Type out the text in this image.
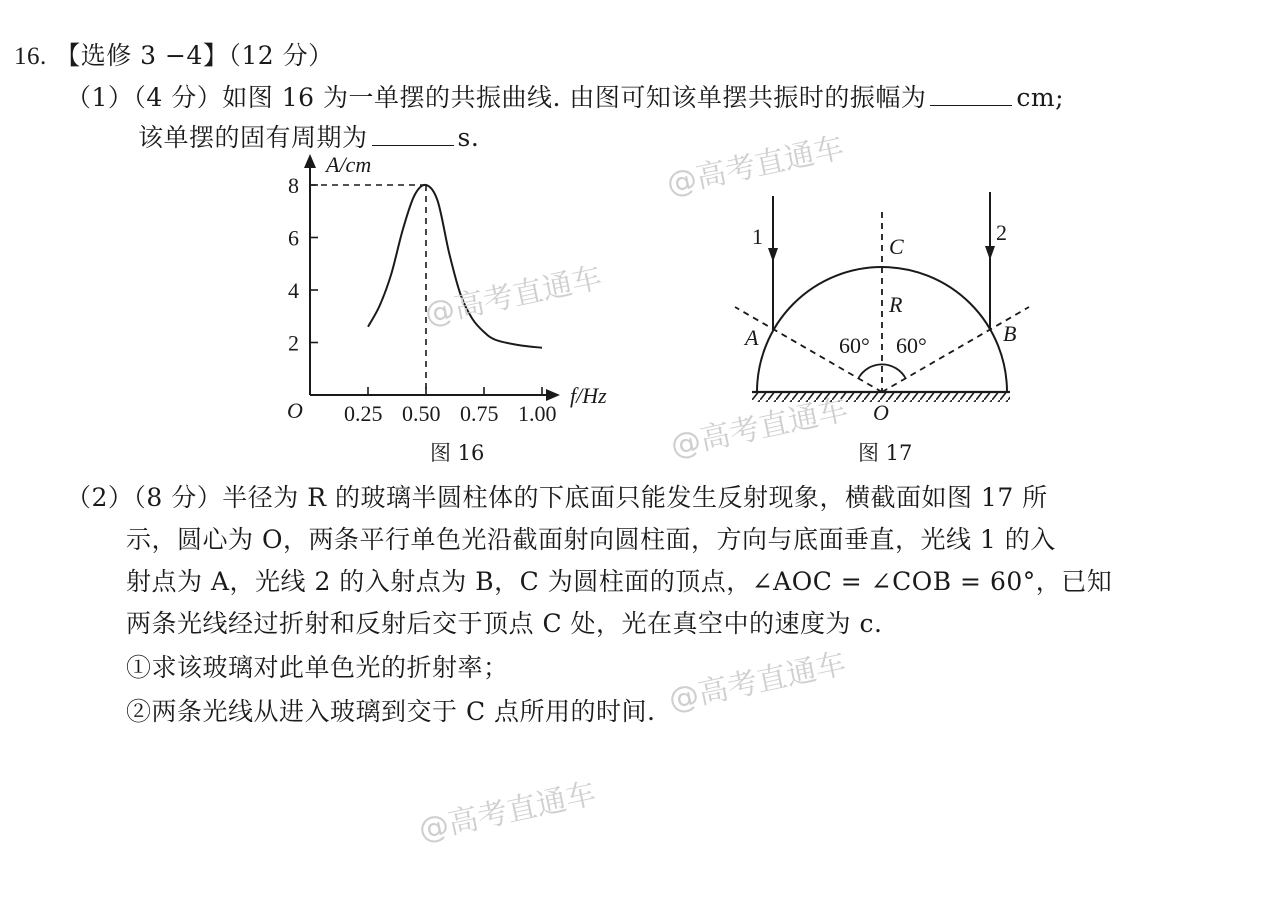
16. 【选修 3 −4】（12 分）
（1）（4 分）如图 16 为一单摆的共振曲线. 由图可知该单摆共振时的振幅为	cm;
该单摆的固有周期为	s.
2
4
6
8
0.25 0.50 0.75 1.00
A/cm
f/Hz
O
1	2
A	B
C
R
O
60° 60°
图 16	图 17
（2）（8 分）半径为 R 的玻璃半圆柱体的下底面只能发生反射现象，横截面如图 17 所
示，圆心为 O，两条平行单色光沿截面射向圆柱面，方向与底面垂直，光线 1 的入
射点为 A，光线 2 的入射点为 B，C 为圆柱面的顶点，∠AOC = ∠COB = 60°，已知
两条光线经过折射和反射后交于顶点 C 处，光在真空中的速度为 c.
①求该玻璃对此单色光的折射率；
②两条光线从进入玻璃到交于 C 点所用的时间.
@高考直通车
@高考直通车
@高考直通车
@高考直通车
@高考直通车
